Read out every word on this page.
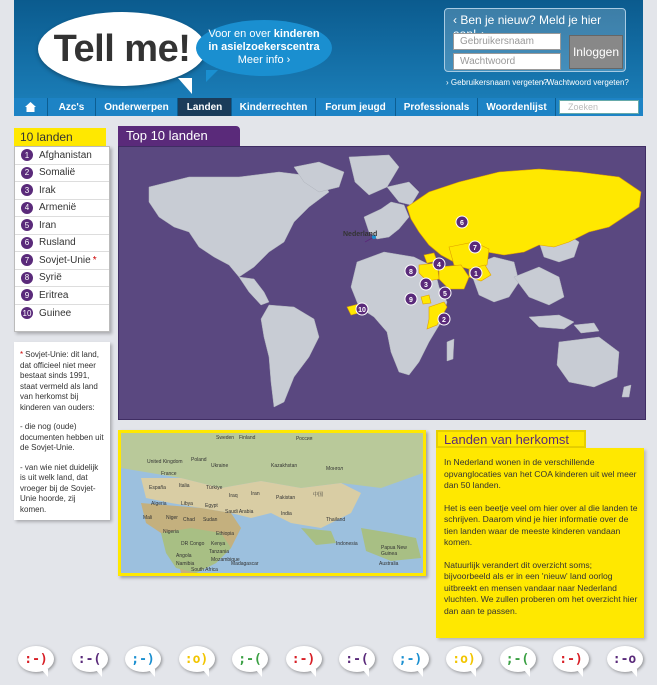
Tell me!	Voor en over kinderen
in asielzoekerscentra
Meer info ›
‹ Ben je nieuw? Meld je hier
Gebruikersnaam
Wachtwoord
Inloggen
› Gebruikersnaam vergeten?
› Wachtwoord vergeten?
Azc's	Onderwerpen	Landen	Kinderrechten	Forum jeugd	Professionals	Woordenlijst	Zoeken
10 landen
1 Afghanistan
2 Somalië
3 Irak
4 Armenië
5 Iran
6 Rusland
7 Sovjet-Unie *
8 Syrië
9 Eritrea
10 Guinee

* Sovjet-Unie: dit land, dat officieel niet meer bestaat sinds 1991, staat vermeld als land van herkomst bij kinderen van ouders:

- die nog (oude) documenten hebben uit de Sovjet-Unie.

- van wie niet duidelijk is uit welk land, dat vroeger bij de Sovjet-Unie hoorde, zij komen.

Top 10 landen
Nederland
6
7
4
1
8
3
5
9
2
10
Sweden Finland	Россия
United Kingdom Poland
Ukraine	Kazakhstan	Монгол
France
España	Türkiye
Italia
Iraq	Iran
Pakistan	中国
Algeria	Libya Egypt
Saudi Arabia	India
Mali	Niger Chad Sudan
Nigeria	Ethiopia
Thailand
DR Congo Kenya
Tanzania
Indonesia
Papua New Guinea
Angola
Namibia
Mozambique
South Africa
Madagascar	Australia
Landen van herkomst

In Nederland wonen in de verschillende opvanglocaties van het COA kinderen uit wel meer dan 50 landen.

Het is een beetje veel om hier over al die landen te schrijven. Daarom vind je hier informatie over de tien landen waar de meeste kinderen vandaan komen.

Natuurlijk verandert dit overzicht soms; bijvoorbeeld als er in een 'nieuw' land oorlog uitbreekt en mensen vandaar naar Nederland vluchten. We zullen proberen om het overzicht hier dan aan te passen.

:-) :-( ;-) :o) ;-( :-) :-( ;-) :o) ;-( :-) :-o
